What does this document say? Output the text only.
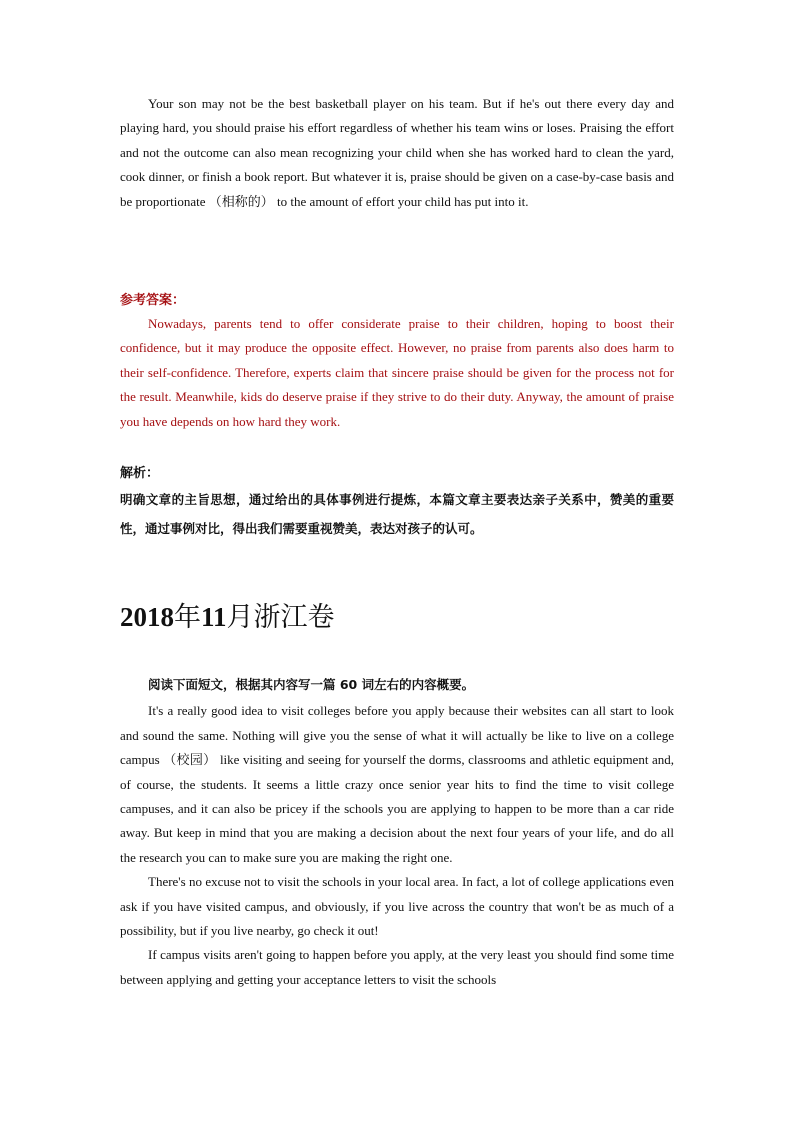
Your son may not be the best basketball player on his team. But if he's out there every day and playing hard, you should praise his effort regardless of whether his team wins or loses. Praising the effort and not the outcome can also mean recognizing your child when she has worked hard to clean the yard, cook dinner, or finish a book report. But whatever it is, praise should be given on a case-by-case basis and be proportionate （相称的） to the amount of effort your child has put into it.

参考答案：

Nowadays, parents tend to offer considerate praise to their children, hoping to boost their confidence, but it may produce the opposite effect. However, no praise from parents also does harm to their self-confidence. Therefore, experts claim that sincere praise should be given for the process not for the result. Meanwhile, kids do deserve praise if they strive to do their duty. Anyway, the amount of praise you have depends on how hard they work.

解析：

明确文章的主旨思想，通过给出的具体事例进行提炼，本篇文章主要表达亲子关系中，赞美的重要性，通过事例对比，得出我们需要重视赞美，表达对孩子的认可。

2018年11月浙江卷

阅读下面短文，根据其内容写一篇 60 词左右的内容概要。

It's a really good idea to visit colleges before you apply because their websites can all start to look and sound the same. Nothing will give you the sense of what it will actually be like to live on a college campus （校园） like visiting and seeing for yourself the dorms, classrooms and athletic equipment and, of course, the students. It seems a little crazy once senior year hits to find the time to visit college campuses, and it can also be pricey if the schools you are applying to happen to be more than a car ride away. But keep in mind that you are making a decision about the next four years of your life, and do all the research you can to make sure you are making the right one.

There's no excuse not to visit the schools in your local area. In fact, a lot of college applications even ask if you have visited campus, and obviously, if you live across the country that won't be as much of a possibility, but if you live nearby, go check it out!

If campus visits aren't going to happen before you apply, at the very least you should find some time between applying and getting your acceptance letters to visit the schools
